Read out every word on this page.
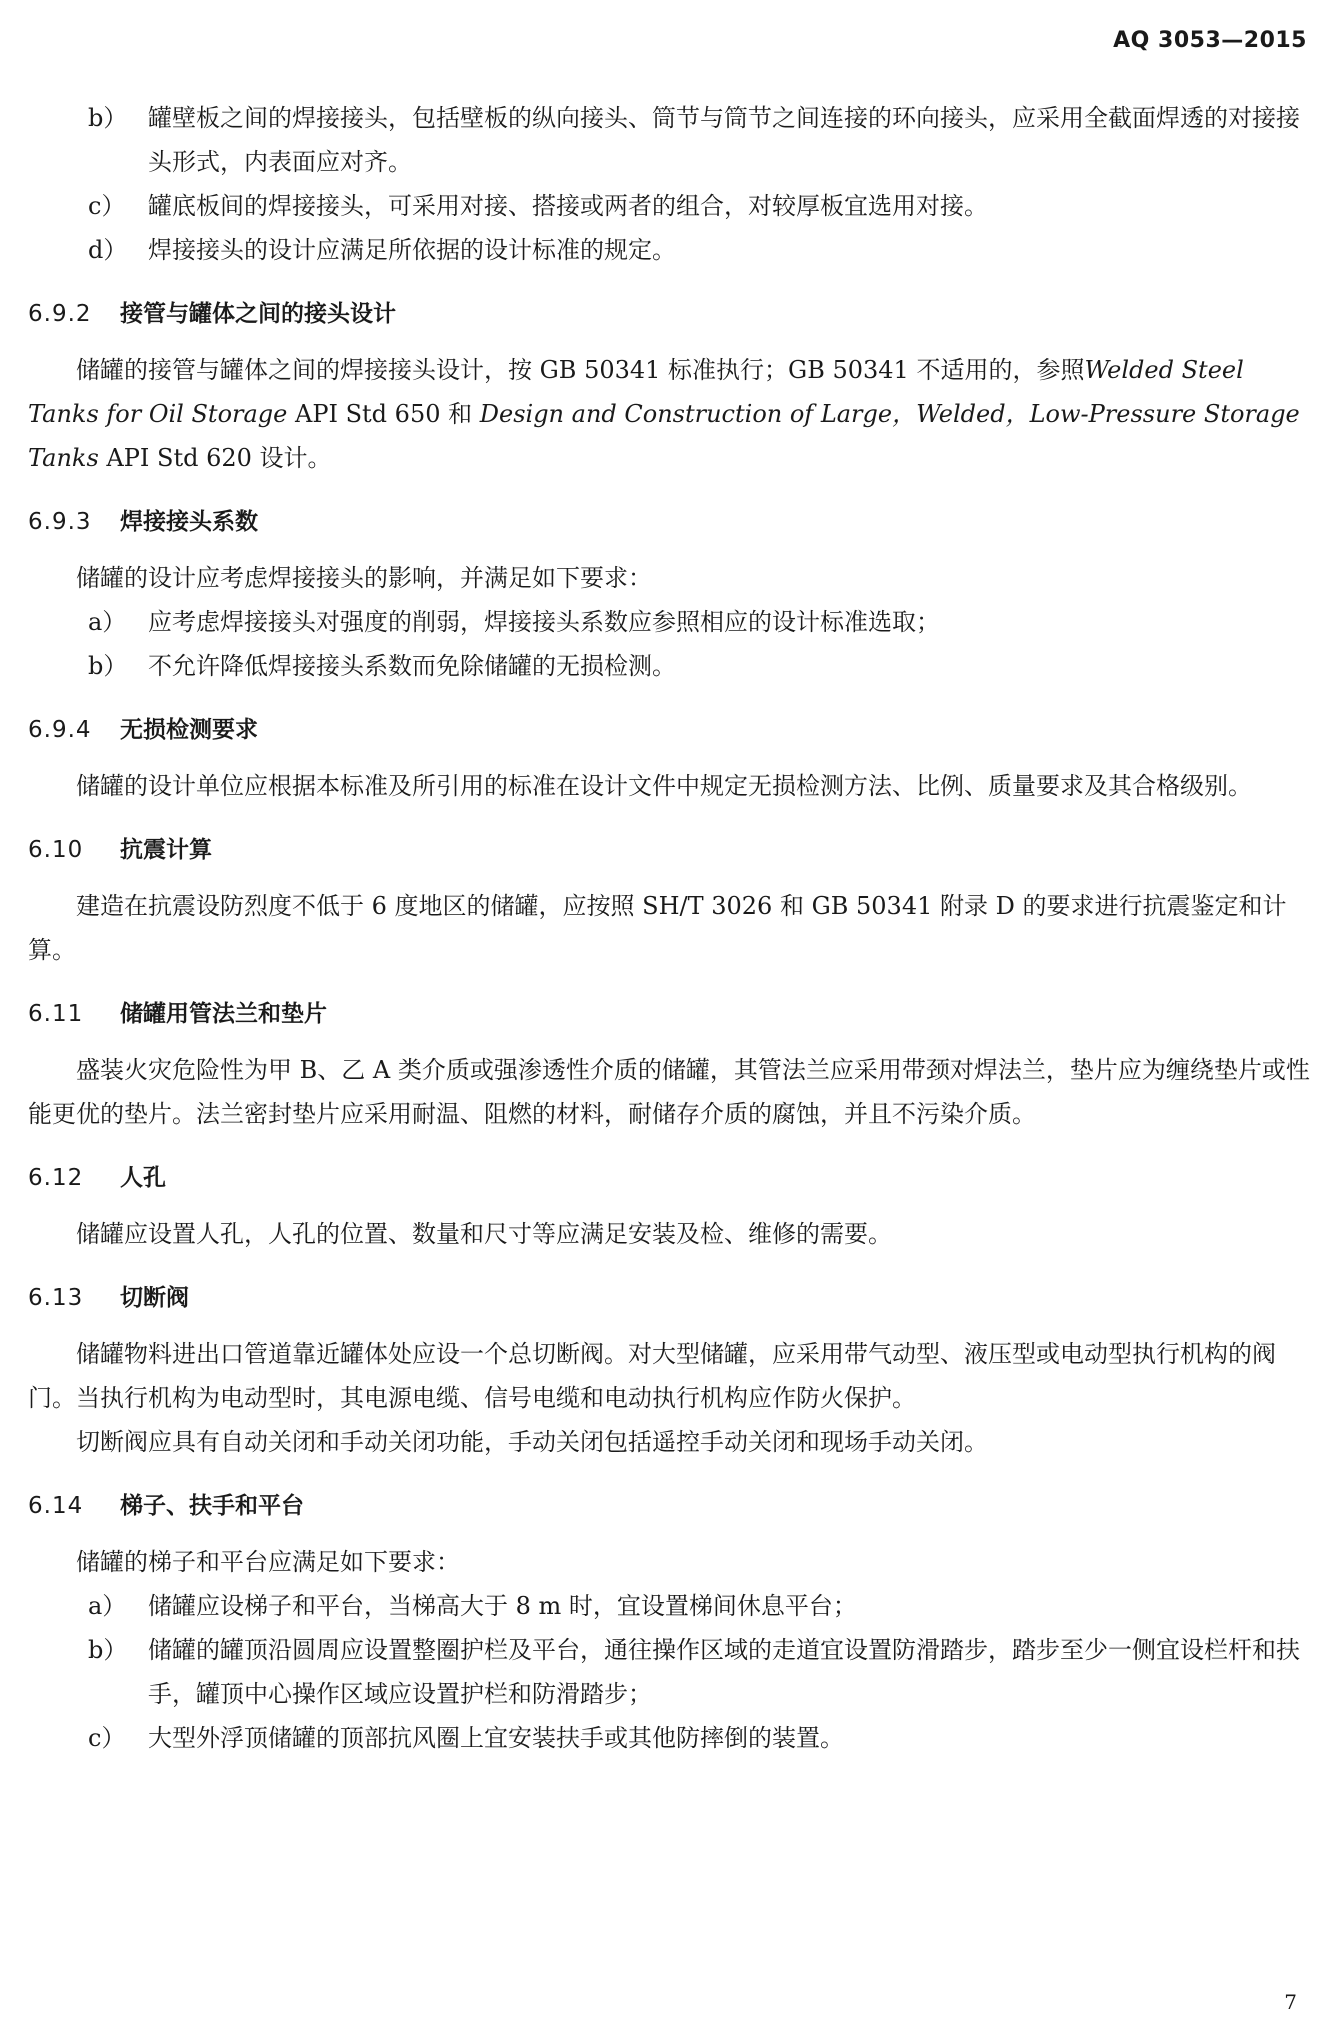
AQ 3053—2015
b） 罐壁板之间的焊接接头，包括壁板的纵向接头、筒节与筒节之间连接的环向接头，应采用全截面焊透的对接接头形式，内表面应对齐。
c） 罐底板间的焊接接头，可采用对接、搭接或两者的组合，对较厚板宜选用对接。
d） 焊接接头的设计应满足所依据的设计标准的规定。
6.9.2 接管与罐体之间的接头设计

储罐的接管与罐体之间的焊接接头设计，按 GB 50341 标准执行；GB 50341 不适用的，参照Welded Steel Tanks for Oil Storage API Std 650 和 Design and Construction of Large，Welded，Low-Pressure Storage Tanks API Std 620 设计。

6.9.3 焊接接头系数

储罐的设计应考虑焊接接头的影响，并满足如下要求：

a） 应考虑焊接接头对强度的削弱，焊接接头系数应参照相应的设计标准选取；
b） 不允许降低焊接接头系数而免除储罐的无损检测。
6.9.4 无损检测要求

储罐的设计单位应根据本标准及所引用的标准在设计文件中规定无损检测方法、比例、质量要求及其合格级别。

6.10 抗震计算

建造在抗震设防烈度不低于 6 度地区的储罐，应按照 SH/T 3026 和 GB 50341 附录 D 的要求进行抗震鉴定和计算。

6.11 储罐用管法兰和垫片

盛装火灾危险性为甲 B、乙 A 类介质或强渗透性介质的储罐，其管法兰应采用带颈对焊法兰，垫片应为缠绕垫片或性能更优的垫片。法兰密封垫片应采用耐温、阻燃的材料，耐储存介质的腐蚀，并且不污染介质。

6.12 人孔

储罐应设置人孔，人孔的位置、数量和尺寸等应满足安装及检、维修的需要。

6.13 切断阀

储罐物料进出口管道靠近罐体处应设一个总切断阀。对大型储罐，应采用带气动型、液压型或电动型执行机构的阀门。当执行机构为电动型时，其电源电缆、信号电缆和电动执行机构应作防火保护。

切断阀应具有自动关闭和手动关闭功能，手动关闭包括遥控手动关闭和现场手动关闭。

6.14 梯子、扶手和平台

储罐的梯子和平台应满足如下要求：

a） 储罐应设梯子和平台，当梯高大于 8 m 时，宜设置梯间休息平台；
b） 储罐的罐顶沿圆周应设置整圈护栏及平台，通往操作区域的走道宜设置防滑踏步，踏步至少一侧宜设栏杆和扶手，罐顶中心操作区域应设置护栏和防滑踏步；
c） 大型外浮顶储罐的顶部抗风圈上宜安装扶手或其他防摔倒的装置。
7
